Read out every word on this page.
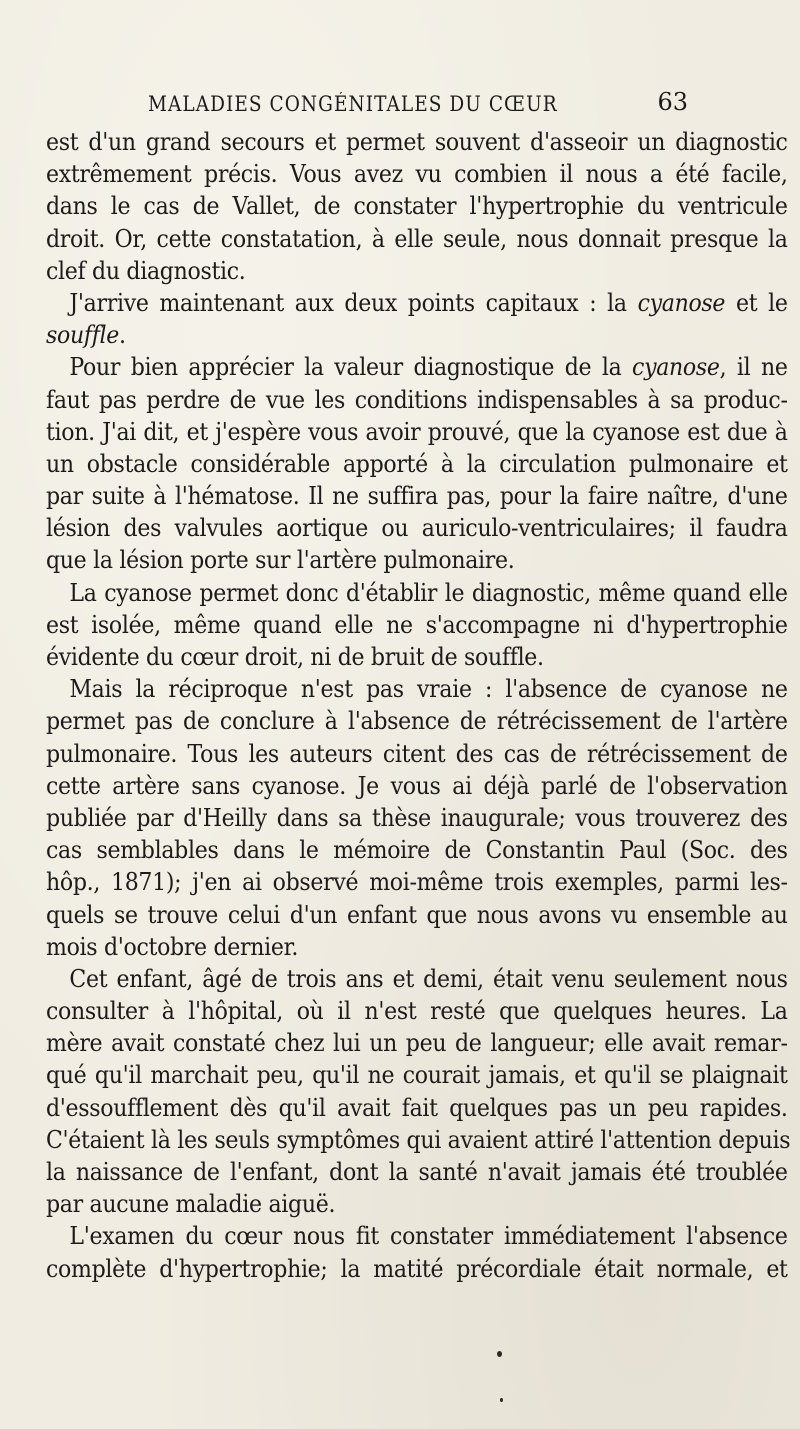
MALADIES CONGÉNITALES DU CŒUR	63
est d'un grand secours et permet souvent d'asseoir un diagnostic
extrêmement précis. Vous avez vu combien il nous a été facile,
dans le cas de Vallet, de constater l'hypertrophie du ventricule
droit. Or, cette constatation, à elle seule, nous donnait presque la
clef du diagnostic.
J'arrive maintenant aux deux points capitaux : la cyanose et le
souffle.
Pour bien apprécier la valeur diagnostique de la cyanose, il ne
faut pas perdre de vue les conditions indispensables à sa produc-
tion. J'ai dit, et j'espère vous avoir prouvé, que la cyanose est due à
un obstacle considérable apporté à la circulation pulmonaire et
par suite à l'hématose. Il ne suffira pas, pour la faire naître, d'une
lésion des valvules aortique ou auriculo-ventriculaires; il faudra
que la lésion porte sur l'artère pulmonaire.
La cyanose permet donc d'établir le diagnostic, même quand elle
est isolée, même quand elle ne s'accompagne ni d'hypertrophie
évidente du cœur droit, ni de bruit de souffle.
Mais la réciproque n'est pas vraie : l'absence de cyanose ne
permet pas de conclure à l'absence de rétrécissement de l'artère
pulmonaire. Tous les auteurs citent des cas de rétrécissement de
cette artère sans cyanose. Je vous ai déjà parlé de l'observation
publiée par d'Heilly dans sa thèse inaugurale; vous trouverez des
cas semblables dans le mémoire de Constantin Paul (Soc. des
hôp., 1871); j'en ai observé moi-même trois exemples, parmi les-
quels se trouve celui d'un enfant que nous avons vu ensemble au
mois d'octobre dernier.
Cet enfant, âgé de trois ans et demi, était venu seulement nous
consulter à l'hôpital, où il n'est resté que quelques heures. La
mère avait constaté chez lui un peu de langueur; elle avait remar-
qué qu'il marchait peu, qu'il ne courait jamais, et qu'il se plaignait
d'essoufflement dès qu'il avait fait quelques pas un peu rapides.
C'étaient là les seuls symptômes qui avaient attiré l'attention depuis
la naissance de l'enfant, dont la santé n'avait jamais été troublée
par aucune maladie aiguë.
L'examen du cœur nous fit constater immédiatement l'absence
complète d'hypertrophie; la matité précordiale était normale, et
